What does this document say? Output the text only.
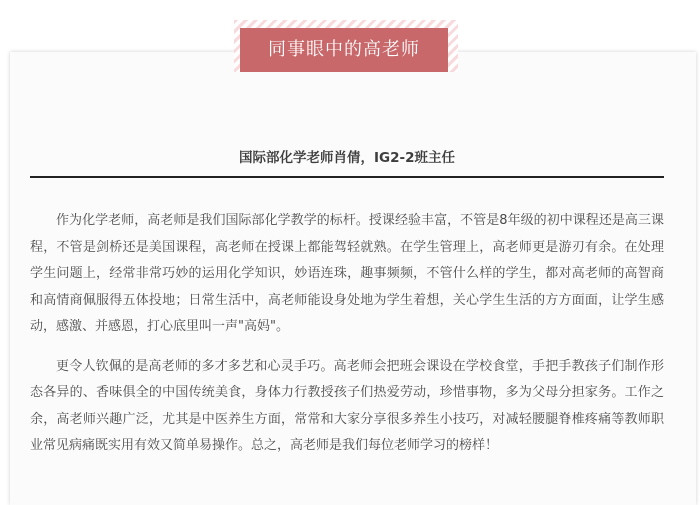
同事眼中的高老师
国际部化学老师肖倩，IG2-2班主任

作为化学老师，高老师是我们国际部化学教学的标杆。授课经验丰富，不管是8年级的初中课程还是高三课程，不管是剑桥还是美国课程，高老师在授课上都能驾轻就熟。在学生管理上，高老师更是游刃有余。在处理学生问题上，经常非常巧妙的运用化学知识，妙语连珠，趣事频频，不管什么样的学生，都对高老师的高智商和高情商佩服得五体投地；日常生活中，高老师能设身处地为学生着想，关心学生生活的方方面面，让学生感动，感激、并感恩，打心底里叫一声"高妈"。

更令人钦佩的是高老师的多才多艺和心灵手巧。高老师会把班会课设在学校食堂，手把手教孩子们制作形态各异的、香味俱全的中国传统美食，身体力行教授孩子们热爱劳动，珍惜事物，多为父母分担家务。工作之余，高老师兴趣广泛，尤其是中医养生方面，常常和大家分享很多养生小技巧，对减轻腰腿脊椎疼痛等教师职业常见病痛既实用有效又简单易操作。总之，高老师是我们每位老师学习的榜样！
